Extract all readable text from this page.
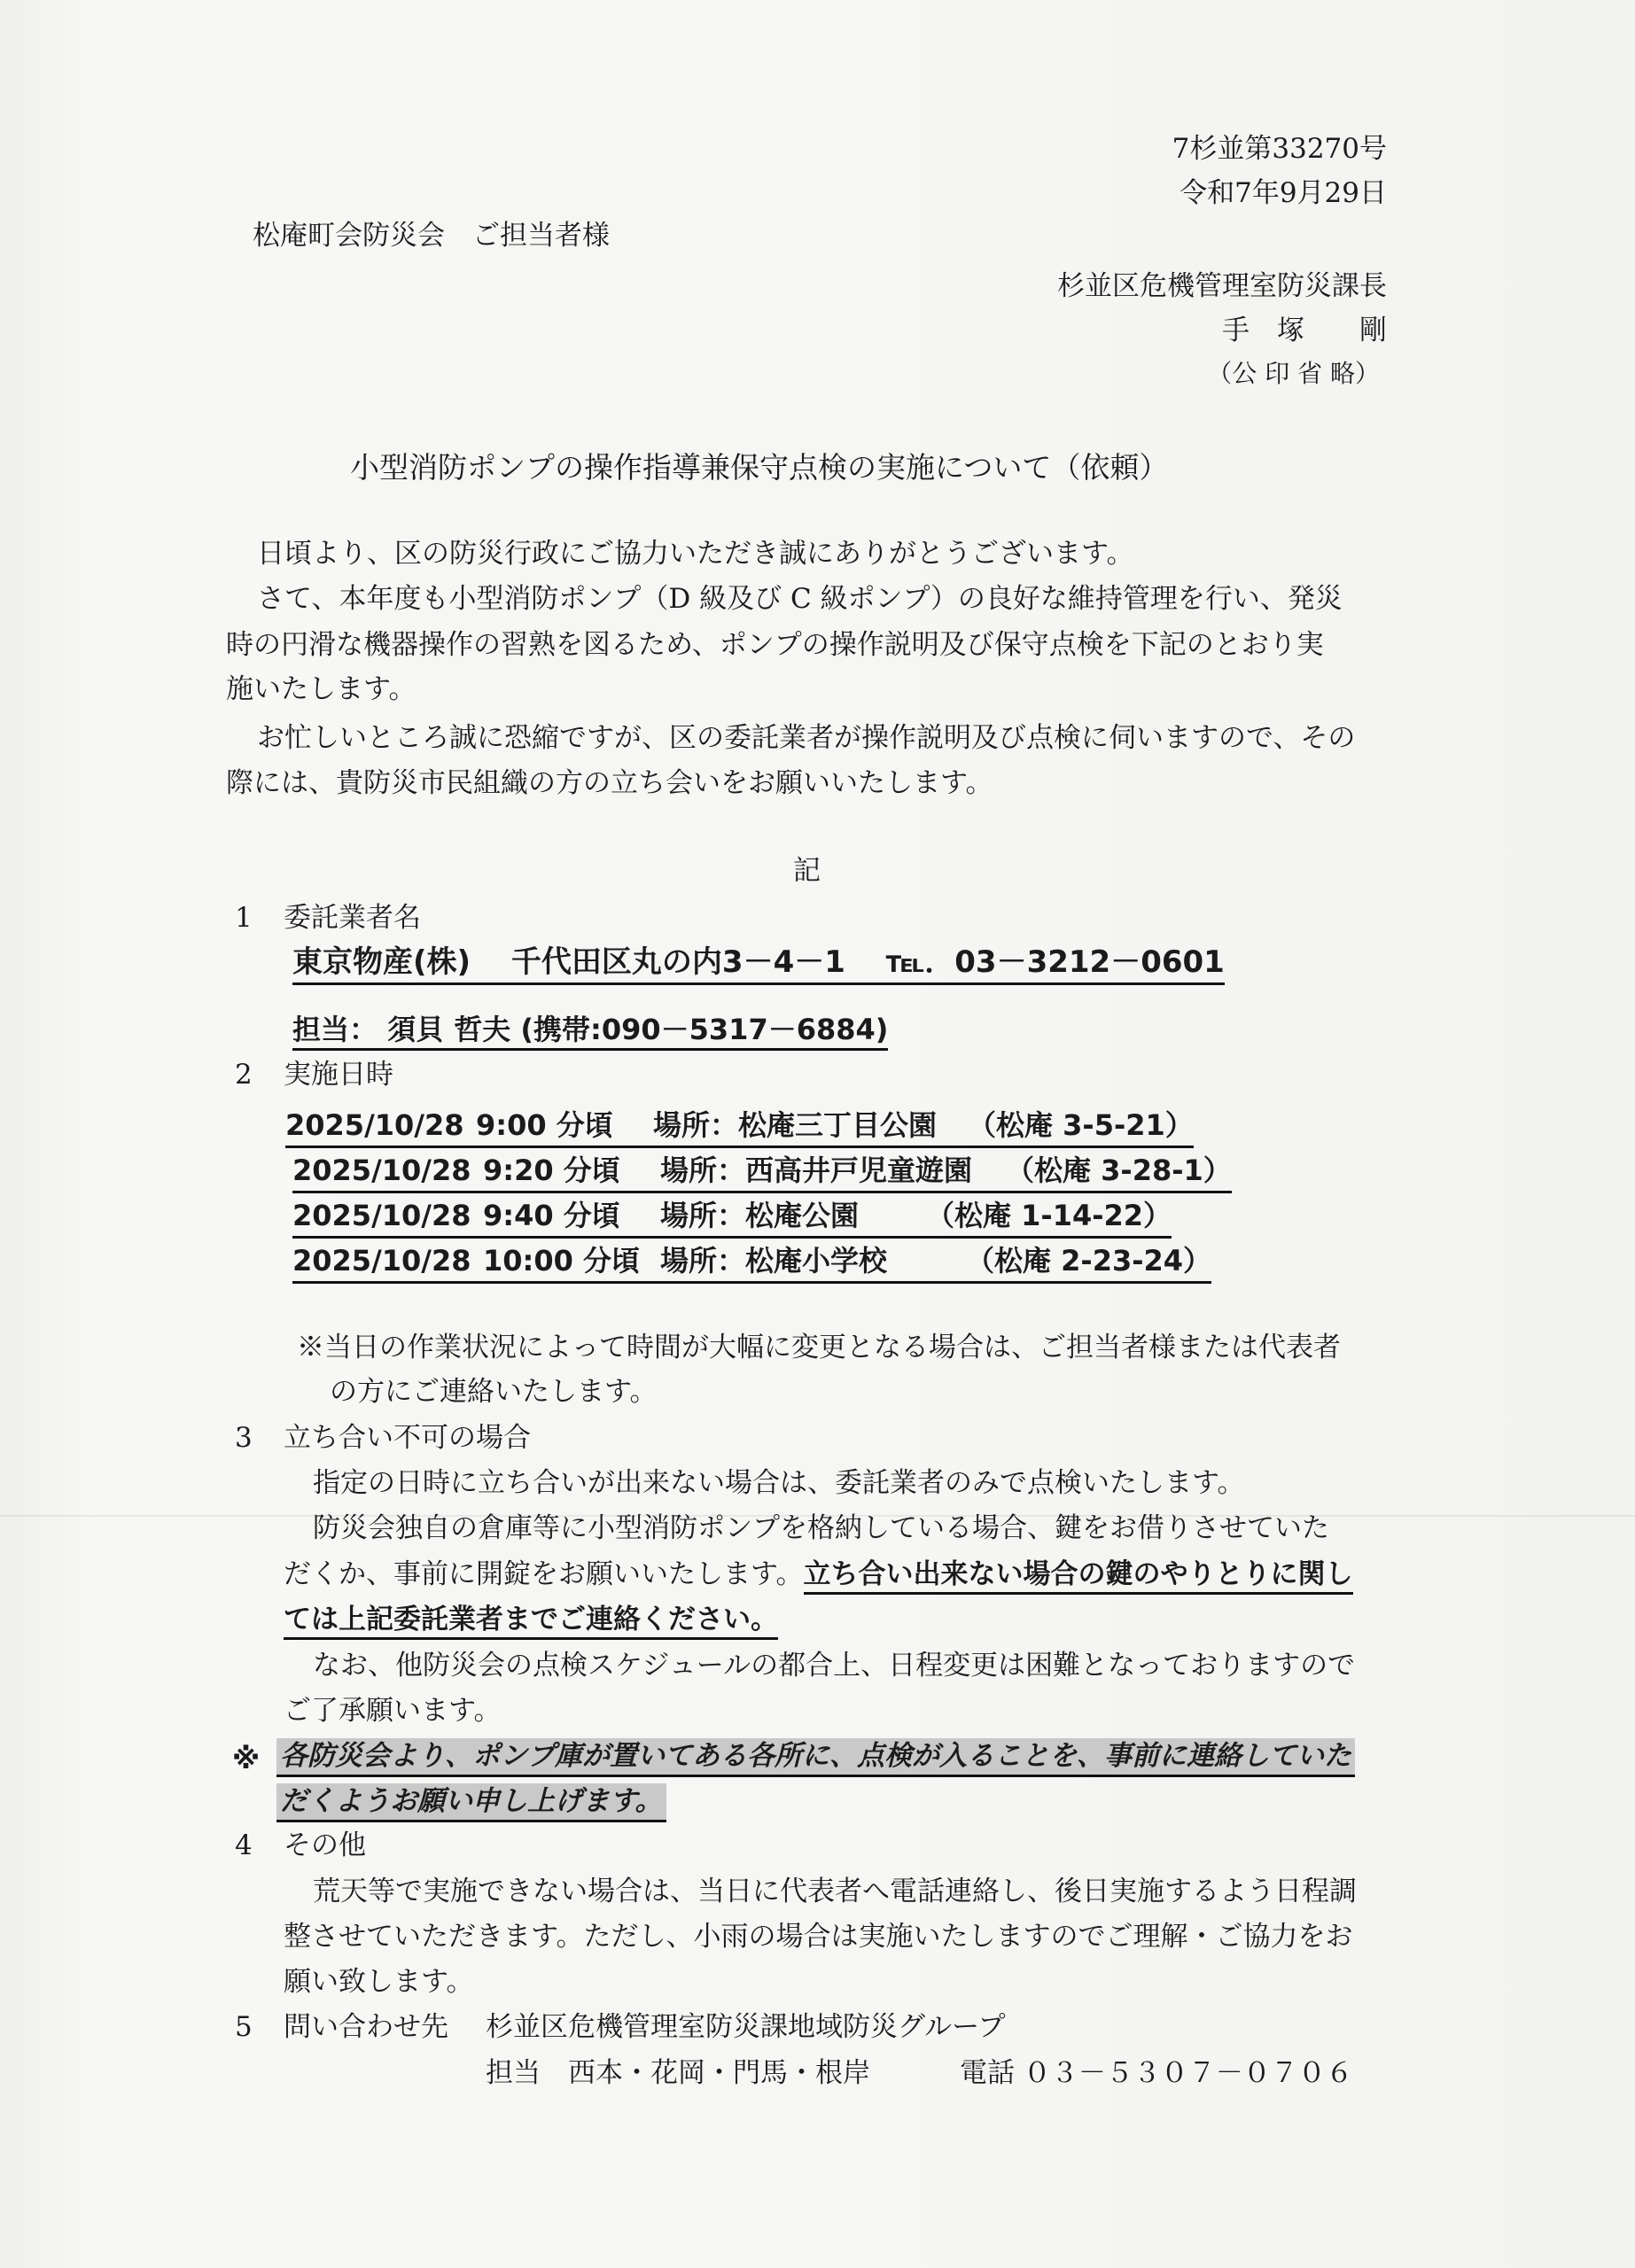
7杉並第33270号
令和7年9月29日
松庵町会防災会　ご担当者様
杉並区危機管理室防災課長
手　塚　　剛
（公 印 省 略）
小型消防ポンプの操作指導兼保守点検の実施について（依頼）
日頃より、区の防災行政にご協力いただき誠にありがとうございます。
さて、本年度も小型消防ポンプ（D 級及び C 級ポンプ）の良好な維持管理を行い、発災
時の円滑な機器操作の習熟を図るため、ポンプの操作説明及び保守点検を下記のとおり実
施いたします。
お忙しいところ誠に恐縮ですが、区の委託業者が操作説明及び点検に伺いますので、その
際には、貴防災市民組織の方の立ち会いをお願いいたします。
記
1 委託業者名
東京物産(株)　 千代田区丸の内3－4－1　 ℡．03－3212－0601
担当： 須貝 哲夫 (携帯:090－5317－6884)
2 実施日時
2025/10/28 9:00 分頃 場所：松庵三丁目公園 （松庵 3-5-21）
2025/10/28 9:20 分頃 場所：西高井戸児童遊園 （松庵 3-28-1）
2025/10/28 9:40 分頃 場所：松庵公園 （松庵 1-14-22）
2025/10/28 10:00 分頃 場所：松庵小学校	（松庵 2-23-24）
※当日の作業状況によって時間が大幅に変更となる場合は、ご担当者様または代表者
の方にご連絡いたします。
3 立ち合い不可の場合
指定の日時に立ち合いが出来ない場合は、委託業者のみで点検いたします。
防災会独自の倉庫等に小型消防ポンプを格納している場合、鍵をお借りさせていた
だくか、事前に開錠をお願いいたします。立ち合い出来ない場合の鍵のやりとりに関し
ては上記委託業者までご連絡ください。
なお、他防災会の点検スケジュールの都合上、日程変更は困難となっておりますので
ご了承願います。
※ 各防災会より、ポンプ庫が置いてある各所に、点検が入ることを、事前に連絡していた
だくようお願い申し上げます。
4 その他
荒天等で実施できない場合は、当日に代表者へ電話連絡し、後日実施するよう日程調
整させていただきます。ただし、小雨の場合は実施いたしますのでご理解・ご協力をお
願い致します。
5 問い合わせ先 杉並区危機管理室防災課地域防災グループ
担当　西本・花岡・門馬・根岸	電話 ０３－５３０７－０７０６
